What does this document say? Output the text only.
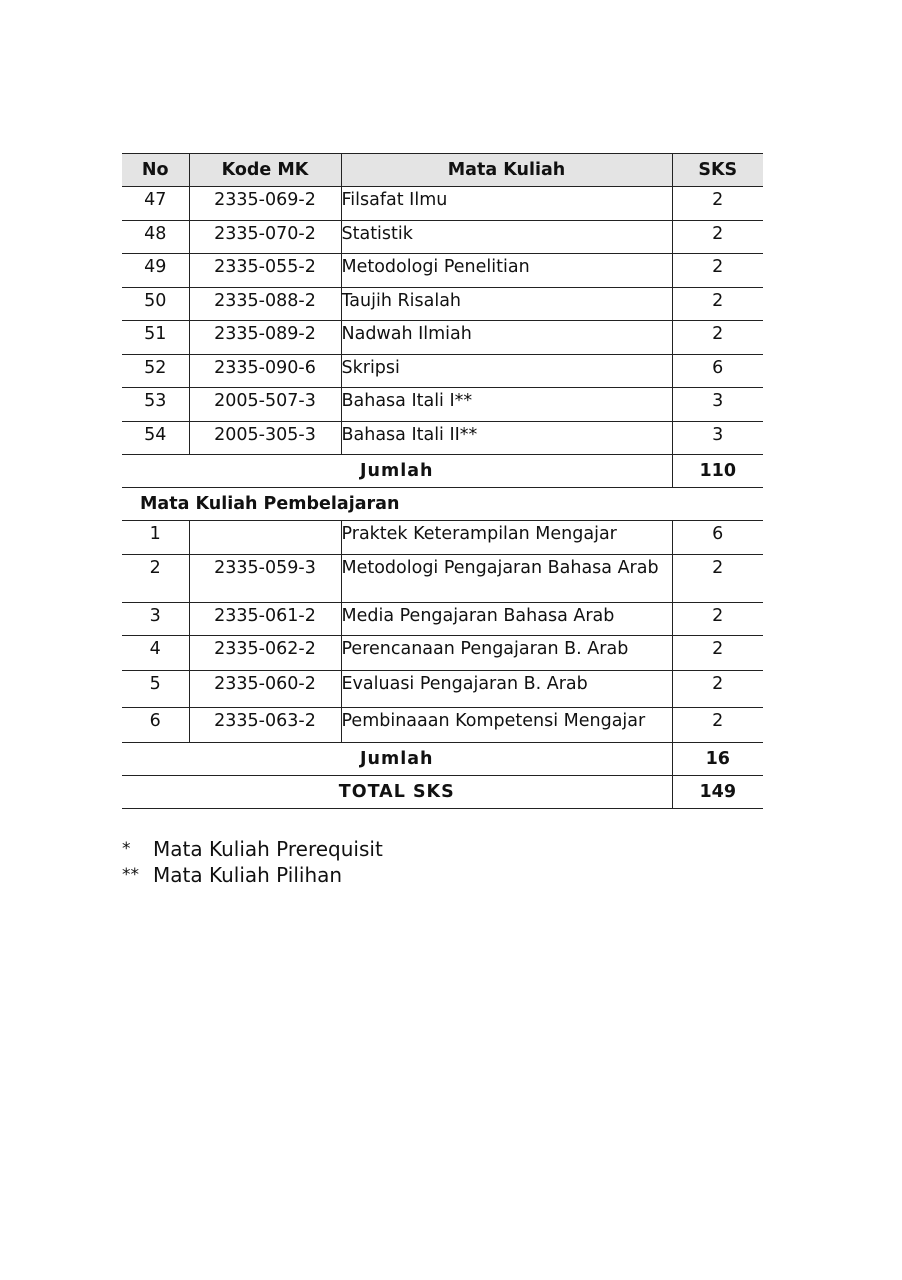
No	Kode MK	Mata Kuliah	SKS
47	2335-069-2	Filsafat Ilmu	2
48	2335-070-2	Statistik	2
49	2335-055-2	Metodologi Penelitian	2
50	2335-088-2	Taujih Risalah	2
51	2335-089-2	Nadwah Ilmiah	2
52	2335-090-6	Skripsi	6
53	2005-507-3	Bahasa Itali I**	3
54	2005-305-3	Bahasa Itali II**	3
Jumlah			110
Mata Kuliah Pembelajaran			
1		Praktek Keterampilan Mengajar	6
2	2335-059-3	Metodologi Pengajaran Bahasa Arab	2
3	2335-061-2	Media Pengajaran Bahasa Arab	2
4	2335-062-2	Perencanaan Pengajaran B. Arab	2
5	2335-060-2	Evaluasi Pengajaran B. Arab	2
6	2335-063-2	Pembinaaan Kompetensi Mengajar	2
Jumlah			16
TOTAL SKS			149
*	Mata Kuliah Prerequisit
** Mata Kuliah Pilihan
